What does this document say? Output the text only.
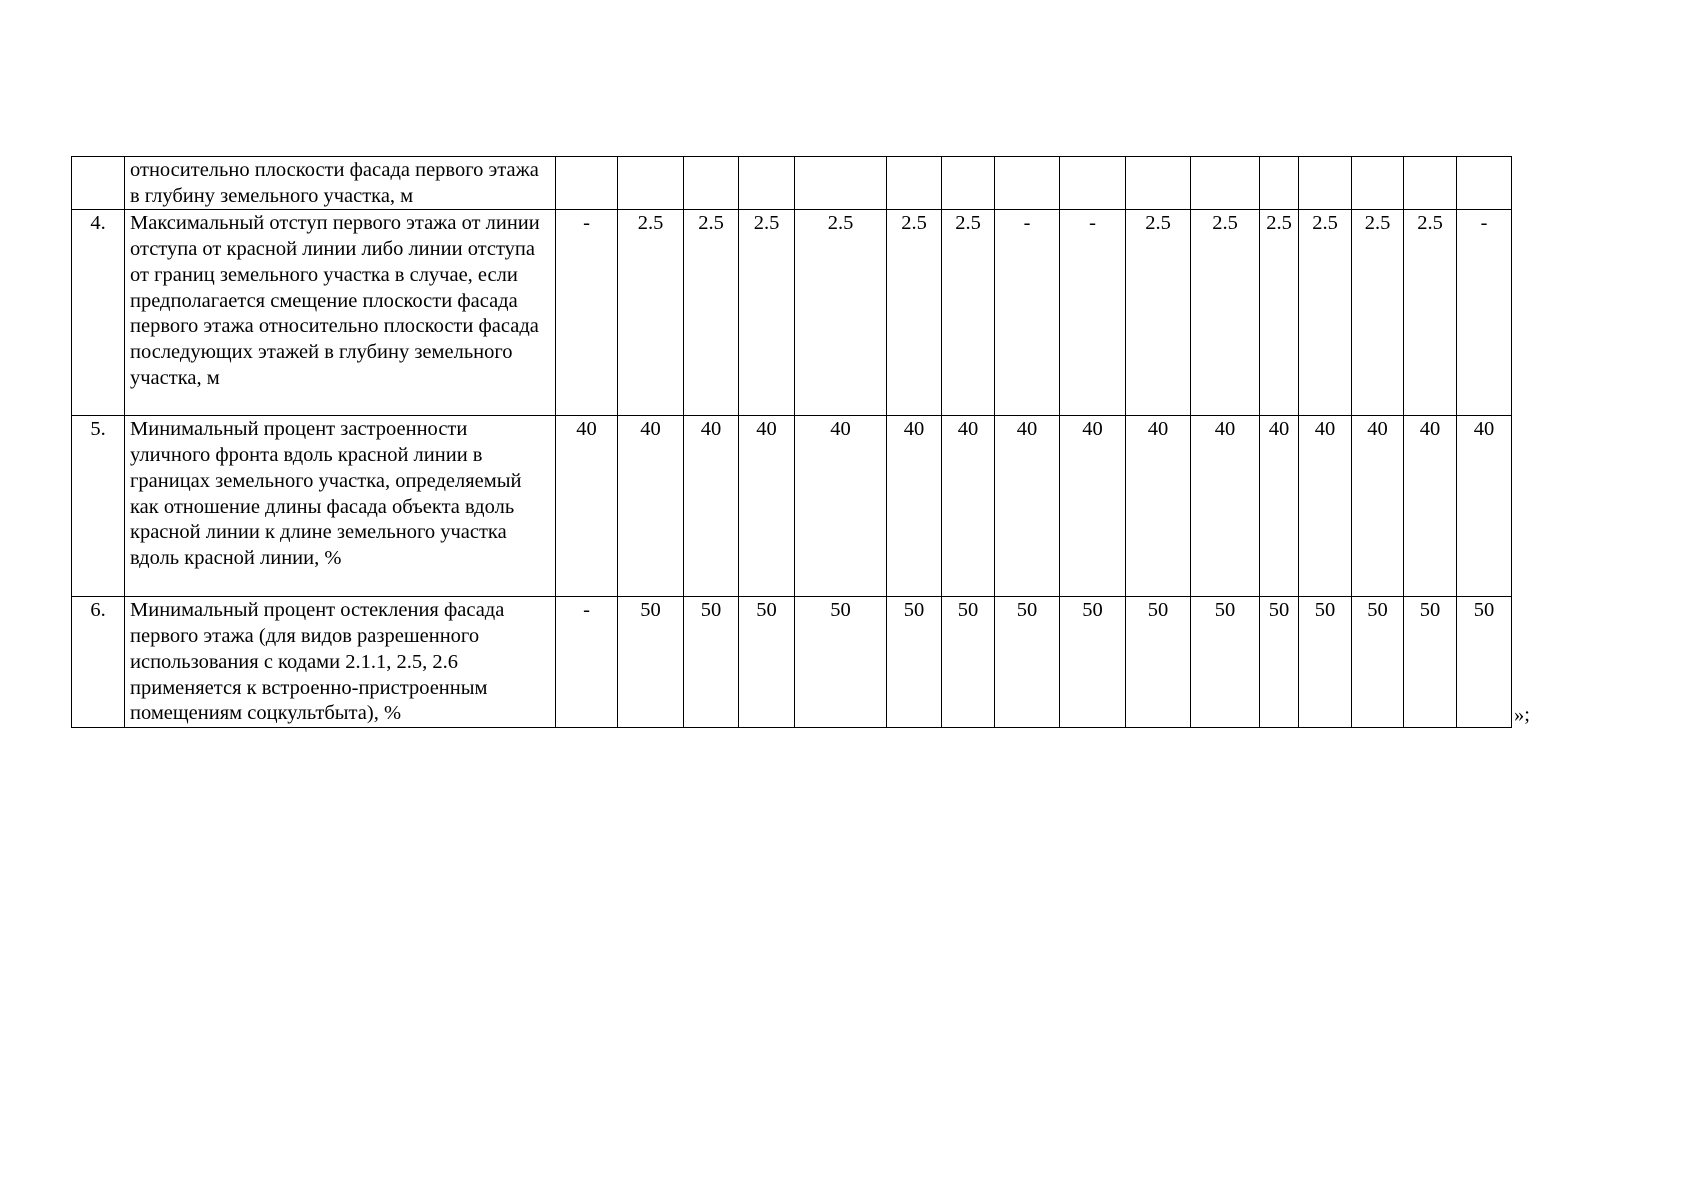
	относительно плоскости фасада первого этажа в глубину земельного участка, м																
4.	Максимальный отступ первого этажа от линии отступа от красной линии либо линии отступа от границ земельного участка в случае, если предполагается смещение плоскости фасада первого этажа относительно плоскости фасада последующих этажей в глубину земельного участка, м	-	2.5	2.5	2.5	2.5	2.5	2.5	-	-	2.5	2.5	2.5	2.5	2.5	2.5	-
5.	Минимальный процент застроенности уличного фронта вдоль красной линии в границах земельного участка, определяемый как отношение длины фасада объекта вдоль красной линии к длине земельного участка вдоль красной линии, %	40	40	40	40	40	40	40	40	40	40	40	40	40	40	40	40
6.	Минимальный процент остекления фасада первого этажа (для видов разрешенного использования с кодами 2.1.1, 2.5, 2.6 применяется к встроенно-пристроенным помещениям соцкультбыта), %	-	50	50	50	50	50	50	50	50	50	50	50	50	50	50	50
»;
